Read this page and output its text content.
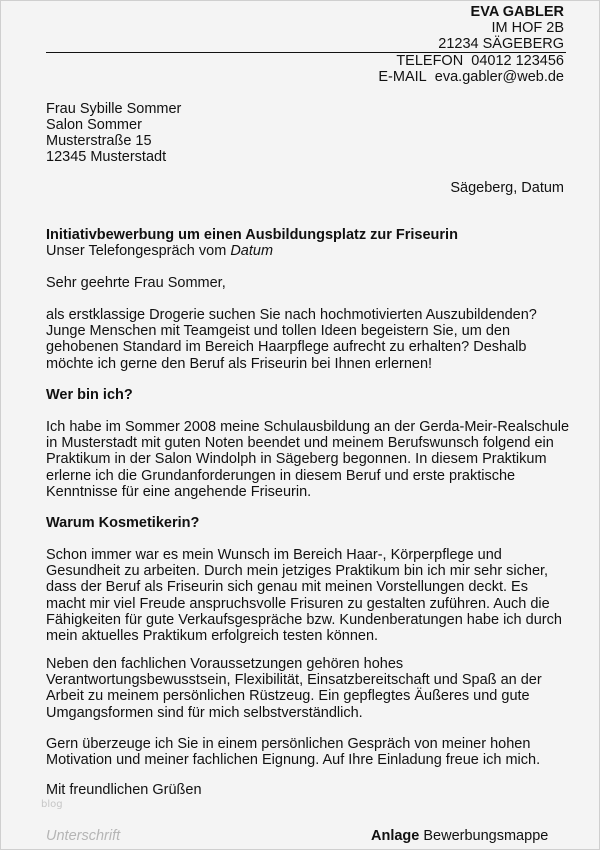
EVA GABLER
IM HOF 2B
21234 SÄGEBERG
TELEFON 04012 123456
E-MAIL eva.gabler@web.de
Frau Sybille Sommer
Salon Sommer
Musterstraße 15
12345 Musterstadt
Sägeberg, Datum
Initiativbewerbung um einen Ausbildungsplatz zur Friseurin
Unser Telefongespräch vom Datum

Sehr geehrte Frau Sommer,

als erstklassige Drogerie suchen Sie nach hochmotivierten Auszubildenden? Junge Menschen mit Teamgeist und tollen Ideen begeistern Sie, um den gehobenen Standard im Bereich Haarpflege aufrecht zu erhalten? Deshalb möchte ich gerne den Beruf als Friseurin bei Ihnen erlernen!

Wer bin ich?

Ich habe im Sommer 2008 meine Schulausbildung an der Gerda-Meir-Realschule in Musterstadt mit guten Noten beendet und meinem Berufswunsch folgend ein Praktikum in der Salon Windolph in Sägeberg begonnen. In diesem Praktikum erlerne ich die Grundanforderungen in diesem Beruf und erste praktische Kenntnisse für eine angehende Friseurin.

Warum Kosmetikerin?

Schon immer war es mein Wunsch im Bereich Haar-, Körperpflege und Gesundheit zu arbeiten. Durch mein jetziges Praktikum bin ich mir sehr sicher, dass der Beruf als Friseurin sich genau mit meinen Vorstellungen deckt. Es macht mir viel Freude anspruchsvolle Frisuren zu gestalten zuführen. Auch die Fähigkeiten für gute Verkaufsgespräche bzw. Kundenberatungen habe ich durch mein aktuelles Praktikum erfolgreich testen können.

Neben den fachlichen Voraussetzungen gehören hohes Verantwortungsbewusstsein, Flexibilität, Einsatzbereitschaft und Spaß an der Arbeit zu meinem persönlichen Rüstzeug. Ein gepflegtes Äußeres und gute Umgangsformen sind für mich selbstverständlich.

Gern überzeuge ich Sie in einem persönlichen Gespräch von meiner hohen Motivation und meiner fachlichen Eignung. Auf Ihre Einladung freue ich mich.

Mit freundlichen Grüßen

blog
Unterschrift	Anlage Bewerbungsmappe
